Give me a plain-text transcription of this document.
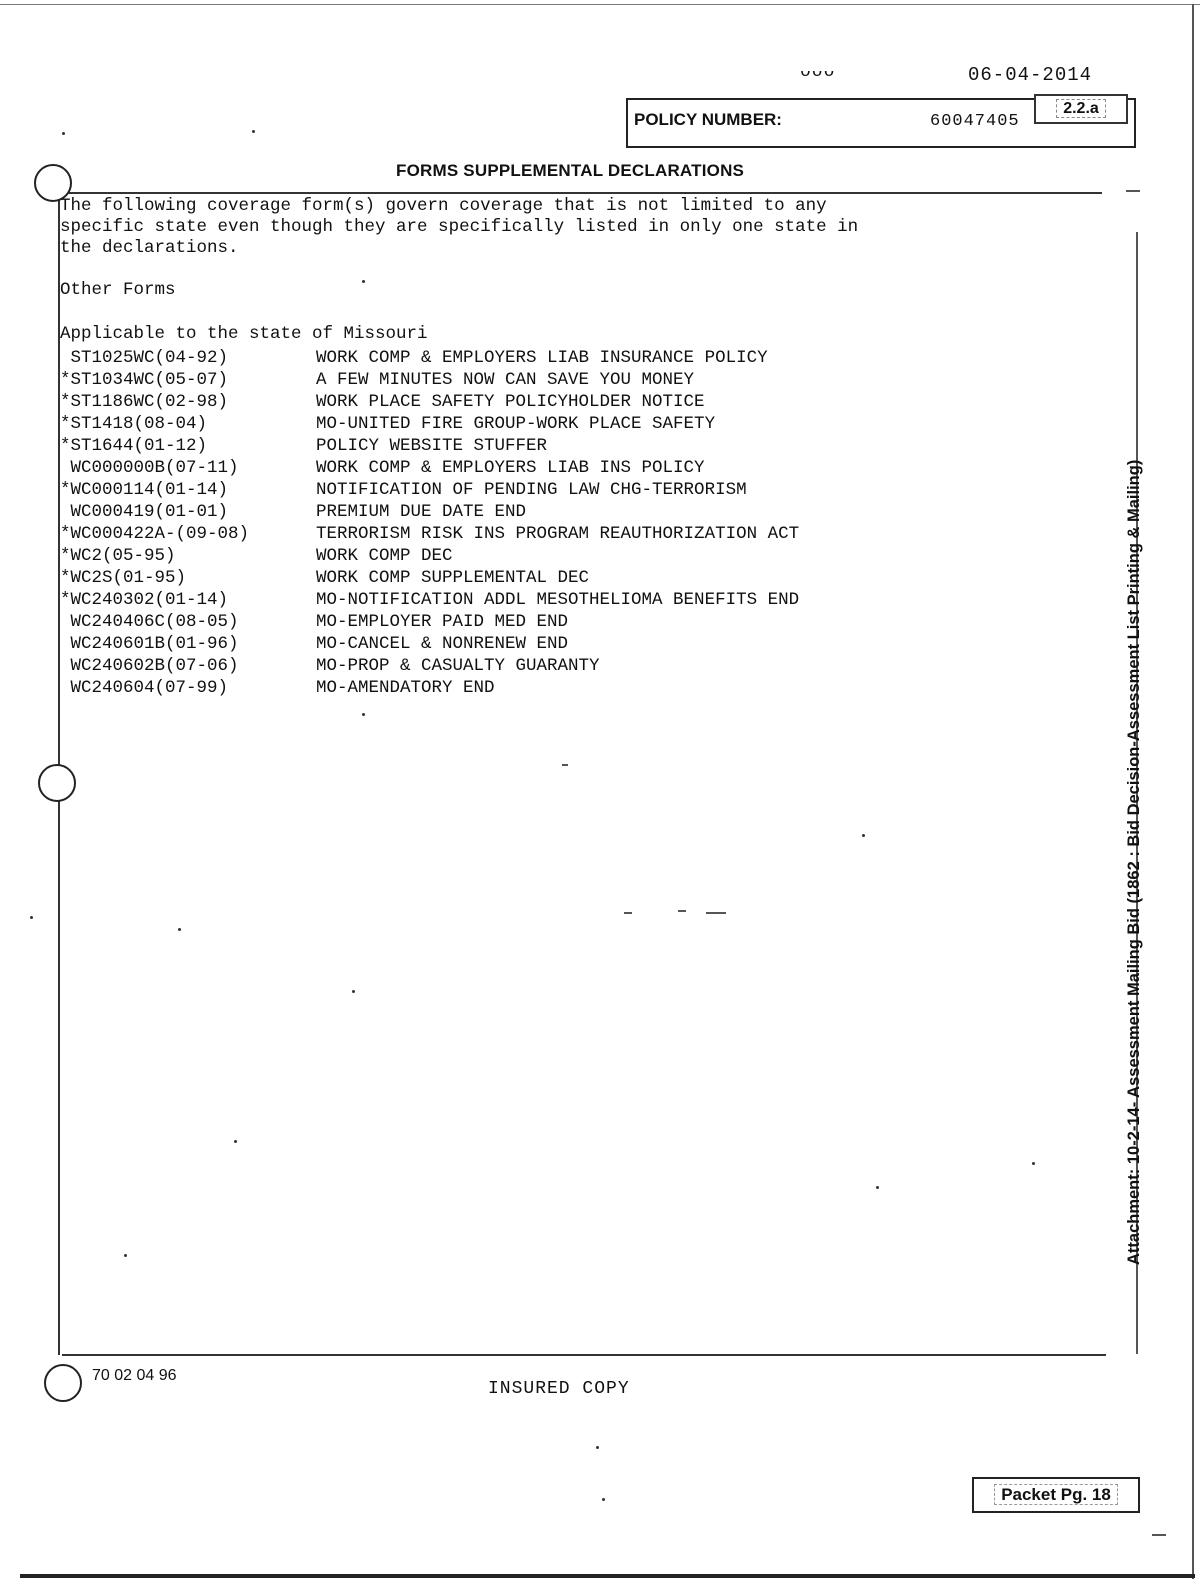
ᴗᴗᴗ	06-04-2014
POLICY NUMBER:	60047405
2.2.a
FORMS SUPPLEMENTAL DECLARATIONS
The following coverage form(s) govern coverage that is not limited to any
specific state even though they are specifically listed in only one state in
the declarations.
Other Forms
Applicable to the state of Missouri
ST1025WC(04-92)	WORK COMP & EMPLOYERS LIAB INSURANCE POLICY
*ST1034WC(05-07)	A FEW MINUTES NOW CAN SAVE YOU MONEY
*ST1186WC(02-98)	WORK PLACE SAFETY POLICYHOLDER NOTICE
*ST1418(08-04)	MO-UNITED FIRE GROUP-WORK PLACE SAFETY
*ST1644(01-12)	POLICY WEBSITE STUFFER
WC000000B(07-11)	WORK COMP & EMPLOYERS LIAB INS POLICY
*WC000114(01-14)	NOTIFICATION OF PENDING LAW CHG-TERRORISM
WC000419(01-01)	PREMIUM DUE DATE END
*WC000422A-(09-08)	TERRORISM RISK INS PROGRAM REAUTHORIZATION ACT
*WC2(05-95)	WORK COMP DEC
*WC2S(01-95)	WORK COMP SUPPLEMENTAL DEC
*WC240302(01-14)	MO-NOTIFICATION ADDL MESOTHELIOMA BENEFITS END
WC240406C(08-05)	MO-EMPLOYER PAID MED END
WC240601B(01-96)	MO-CANCEL & NONRENEW END
WC240602B(07-06)	MO-PROP & CASUALTY GUARANTY
WC240604(07-99)	MO-AMENDATORY END	Attachment: 10-2-14- Assessment Mailing Bid (1862 : Bid Decision-Assessment List Printing & Mailing)
70 02 04 96
INSURED COPY
Packet Pg. 18
